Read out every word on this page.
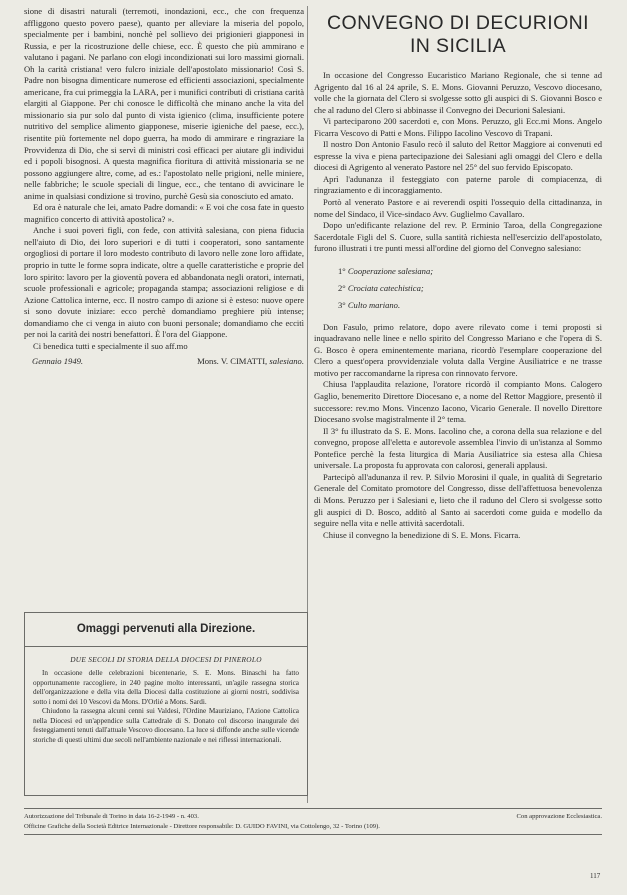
sione di disastri naturali (terremoti, inondazioni, ecc., che con frequenza affliggono questo povero paese), quanto per alleviare la miseria del popolo, specialmente per i bambini, nonchè pel sollievo dei prigionieri giapponesi in Russia, e per la ricostruzione delle chiese, ecc. È questo che più ammirano e valutano i pagani. Ne parlano con elogi incondizionati sui loro massimi giornali. Oh la carità cristiana! vero fulcro iniziale dell'apostolato missionario! Così S. Padre non bisogna dimenticare numerose ed efficienti associazioni, specialmente americane, fra cui primeggia la LARA, per i munifici contributi di cristiana carità elargiti al Giappone. Per chi conosce le difficoltà che minano anche la vita del missionario sia pur solo dal punto di vista igienico (clima, insufficiente potere nutritivo del semplice alimento giapponese, miserie igieniche del paese, ecc.), risentite più fortemente nel dopo guerra, ha modo di ammirare e ringraziare la Provvidenza di Dio, che si servì di ministri così efficaci per aiutare gli individui ed i popoli bisognosi. A questa magnifica fioritura di attività missionaria se ne possono aggiungere altre, come, ad es.: l'apostolato nelle prigioni, nelle miniere, nelle fabbriche; le scuole speciali di lingue, ecc., che tentano di avvicinare le anime in qualsiasi condizione si trovino, purchè Gesù sia conosciuto ed amato.

Ed ora è naturale che lei, amato Padre domandi: « E voi che cosa fate in questo magnifico concerto di attività apostolica? ».

Anche i suoi poveri figli, con fede, con attività salesiana, con piena fiducia nell'aiuto di Dio, dei loro superiori e di tutti i cooperatori, sono santamente orgogliosi di portare il loro modesto contributo di lavoro nelle zone loro affidate, proprio in tutte le forme sopra indicate, oltre a quelle caratteristiche e proprie del loro spirito: lavoro per la gioventù povera ed abbandonata negli oratori, internati, scuole professionali e agricole; propaganda stampa; associazioni religiose e di Azione Cattolica interne, ecc. Il nostro campo di azione si è esteso: nuove opere si sono dovute iniziare: ecco perchè domandiamo preghiere più intense; domandiamo che ci venga in aiuto con buoni personale; domandiamo che eccitì per noi la carità dei nostri benefattori. È l'ora del Giappone.

Ci benedica tutti e specialmente il suo aff.mo

Gennaio 1949.	Mons. V. CIMATTI, salesiano.
Omaggi pervenuti alla Direzione.
DUE SECOLI DI STORIA DELLA DIOCESI DI PINEROLO

In occasione delle celebrazioni bicentenarie, S. E. Mons. Binaschi ha fatto opportunamente raccogliere, in 240 pagine molto interessanti, un'agile rassegna storica dell'organizzazione e della vita della Diocesi dalla costituzione ai giorni nostri, soddivisa sotto i nomi dei 10 Vescovi da Mons. D'Orlié a Mons. Sardi.

Chiudono la rassegna alcuni cenni sui Valdesi, l'Ordine Mauriziano, l'Azione Cattolica nella Diocesi ed un'appendice sulla Cattedrale di S. Donato col discorso inaugurale dei festeggiamenti tenuti dall'attuale Vescovo diocesano. La luce si diffonde anche sulle vicende storiche di questi ultimi due secoli nell'ambiente nazionale e nei riflessi internazionali.

CONVEGNO DI DECURIONI
IN SICILIA

In occasione del Congresso Eucaristico Mariano Regionale, che si tenne ad Agrigento dal 16 al 24 aprile, S. E. Mons. Giovanni Peruzzo, Vescovo diocesano, volle che la giornata del Clero si svolgesse sotto gli auspici di S. Giovanni Bosco e che al raduno del Clero si abbinasse il Convegno dei Decurioni Salesiani.

Vi parteciparono 200 sacerdoti e, con Mons. Peruzzo, gli Ecc.mi Mons. Angelo Ficarra Vescovo di Patti e Mons. Filippo Iacolino Vescovo di Trapani.

Il nostro Don Antonio Fasulo recò il saluto del Rettor Maggiore ai convenuti ed espresse la viva e piena partecipazione dei Salesiani agli omaggi del Clero e della diocesi di Agrigento al venerato Pastore nel 25° del suo fervido Episcopato.

Aprì l'adunanza il festeggiato con paterne parole di compiacenza, di ringraziamento e di incoraggiamento.

Portò al venerato Pastore e ai reverendi ospiti l'ossequio della cittadinanza, in nome del Sindaco, il Vice-sindaco Avv. Guglielmo Cavallaro.

Dopo un'edificante relazione del rev. P. Erminio Taroa, della Congregazione Sacerdotale Figli del S. Cuore, sulla santità richiesta nell'esercizio dell'apostolato, furono illustrati i tre punti messi all'ordine del giorno del Convegno salesiano:

1° Cooperazione salesiana;
2° Crociata catechistica;
3° Culto mariano.

Don Fasulo, primo relatore, dopo avere rilevato come i temi proposti si inquadravano nelle linee e nello spirito del Congresso Mariano e che l'opera di S. G. Bosco è opera eminentemente mariana, ricordò l'esemplare cooperazione del Clero a quest'opera provvidenziale voluta dalla Vergine Ausiliatrice e ne trasse motivo per raccomandarne la ripresa con rinnovato fervore.

Chiusa l'applaudita relazione, l'oratore ricordò il compianto Mons. Calogero Gaglio, benemerito Direttore Diocesano e, a nome del Rettor Maggiore, presentò il successore: rev.mo Mons. Vincenzo Iacono, Vicario Generale. Il novello Direttore Diocesano svolse magistralmente il 2° tema.

Il 3° fu illustrato da S. E. Mons. Iacolino che, a corona della sua relazione e del convegno, propose all'eletta e autorevole assemblea l'invio di un'istanza al Sommo Pontefice perchè la festa liturgica di Maria Ausiliatrice sia estesa alla Chiesa universale. La proposta fu approvata con calorosi, generali applausi.

Partecipò all'adunanza il rev. P. Silvio Morosini il quale, in qualità di Segretario Generale del Comitato promotore del Congresso, disse dell'affettuosa benevolenza di Mons. Peruzzo per i Salesiani e, lieto che il raduno del Clero si svolgesse sotto gli auspici di D. Bosco, additò al Santo ai sacerdoti come guida e modello da seguire nella vita e nelle attività sacerdotali.

Chiuse il convegno la benedizione di S. E. Mons. Ficarra.

Autorizzazione del Tribunale di Torino in data 16-2-1949 - n. 403.	Con approvazione Ecclesiastica.
Officine Grafiche della Società Editrice Internazionale - Direttore responsabile: D. GUIDO FAVINI, via Cottolengo, 32 - Torino (109).
117
